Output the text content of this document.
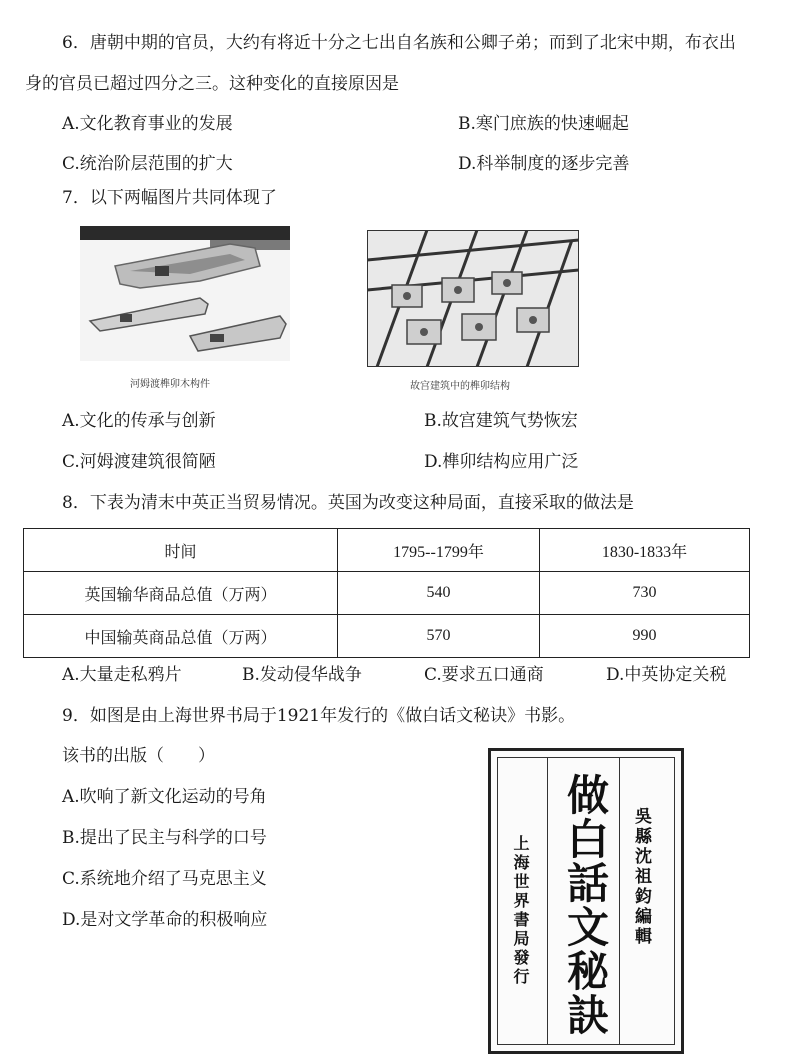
6．唐朝中期的官员，大约有将近十分之七出自名族和公卿子弟；而到了北宋中期，布衣出
身的官员已超过四分之三。这种变化的直接原因是
A.文化教育事业的发展	B.寒门庶族的快速崛起
C.统治阶层范围的扩大	D.科举制度的逐步完善
7．以下两幅图片共同体现了
河姆渡榫卯木构件	故宫建筑中的榫卯结构
A.文化的传承与创新	B.故宫建筑气势恢宏
C.河姆渡建筑很简陋	D.榫卯结构应用广泛
8．下表为清末中英正当贸易情况。英国为改变这种局面，直接采取的做法是
时间	1795--1799年	1830-1833年
英国输华商品总值（万两）	540	730
中国输英商品总值（万两）	570	990
A.大量走私鸦片	B.发动侵华战争	C.要求五口通商	D.中英协定关税
9．如图是由上海世界书局于1921年发行的《做白话文秘诀》书影。
该书的出版（　　）
A.吹响了新文化运动的号角
B.提出了民主与科学的口号
C.系统地介绍了马克思主义
D.是对文学革命的积极响应	上海世界書局發行 做白話文秘訣 吳縣沈祖鈞編輯
